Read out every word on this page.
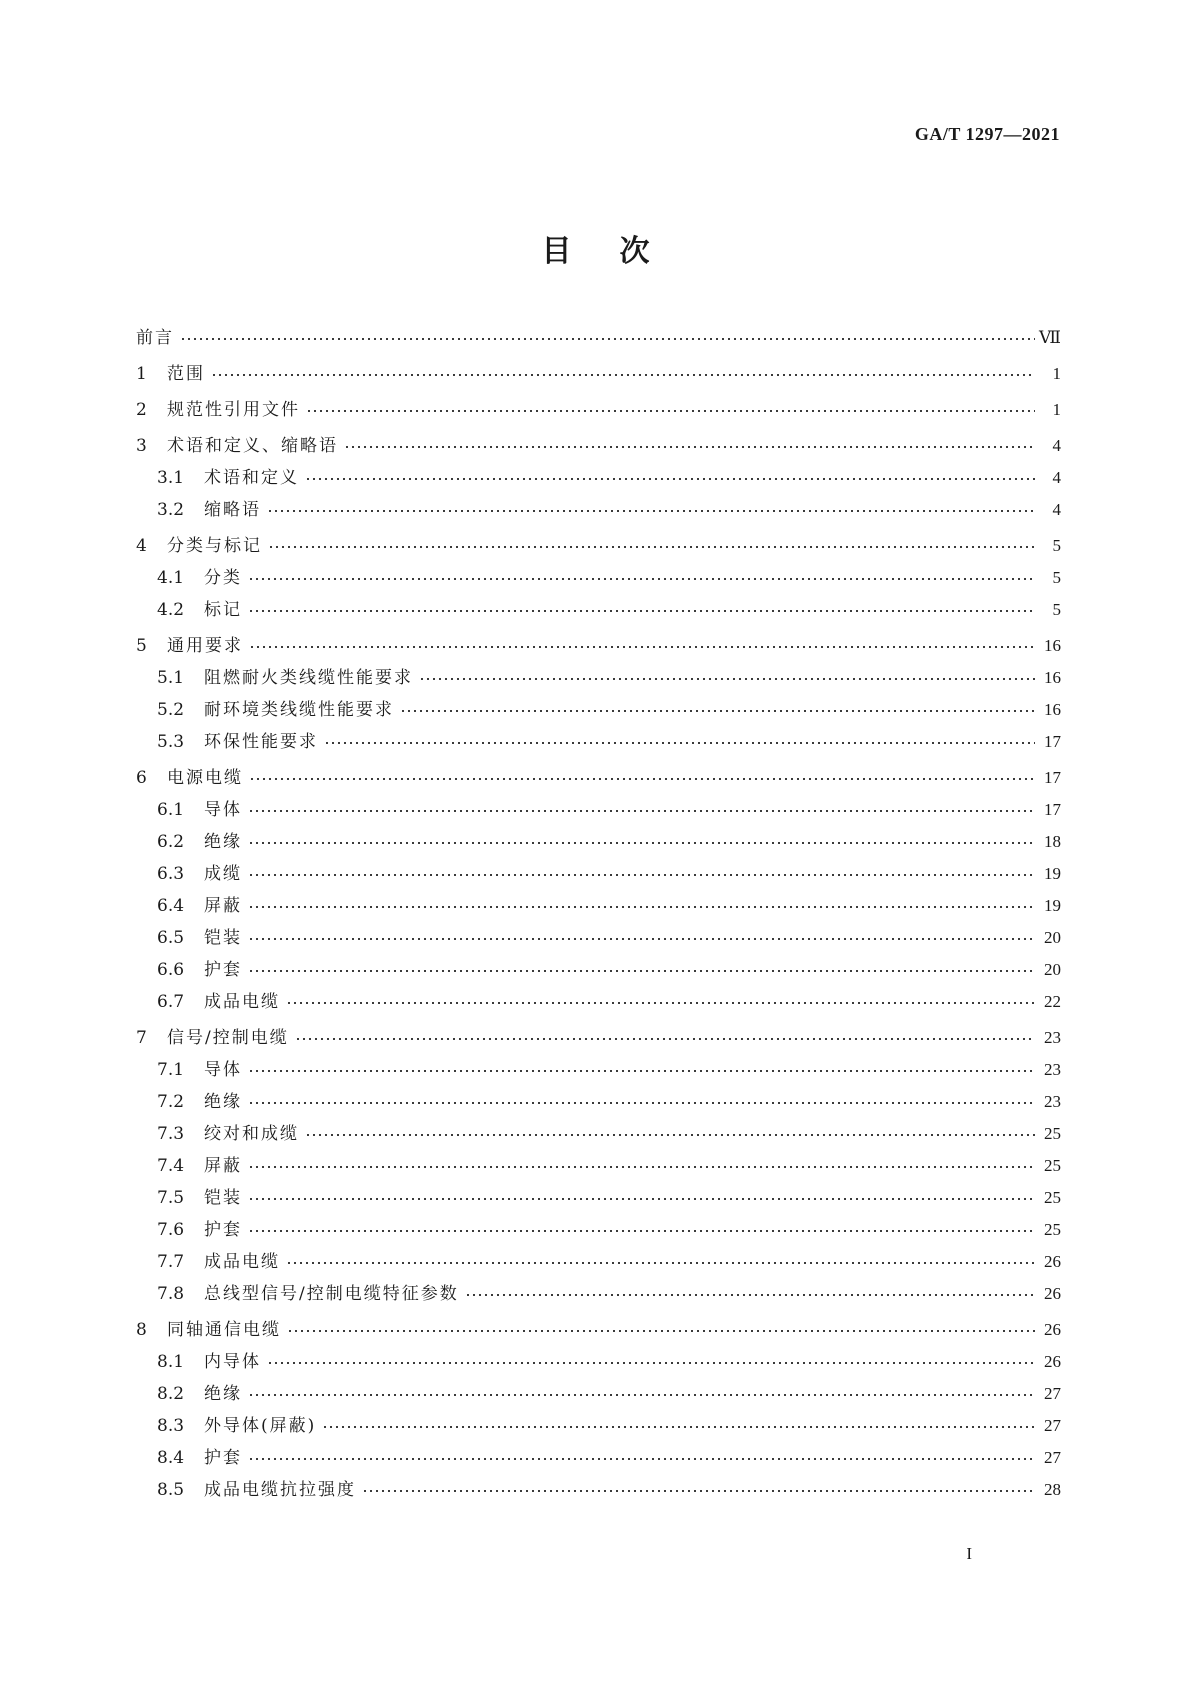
GA/T 1297—2021
目次
前言	Ⅶ
1	范围	1
2	规范性引用文件	1
3	术语和定义、缩略语	4
3.1	术语和定义	4
3.2	缩略语	4
4	分类与标记	5
4.1	分类	5
4.2	标记	5
5	通用要求	16
5.1	阻燃耐火类线缆性能要求	16
5.2	耐环境类线缆性能要求	16
5.3	环保性能要求	17
6	电源电缆	17
6.1	导体	17
6.2	绝缘	18
6.3	成缆	19
6.4	屏蔽	19
6.5	铠装	20
6.6	护套	20
6.7	成品电缆	22
7	信号/控制电缆	23
7.1	导体	23
7.2	绝缘	23
7.3	绞对和成缆	25
7.4	屏蔽	25
7.5	铠装	25
7.6	护套	25
7.7	成品电缆	26
7.8	总线型信号/控制电缆特征参数	26
8	同轴通信电缆	26
8.1	内导体	26
8.2	绝缘	27
8.3	外导体(屏蔽)	27
8.4	护套	27
8.5	成品电缆抗拉强度	28
I
